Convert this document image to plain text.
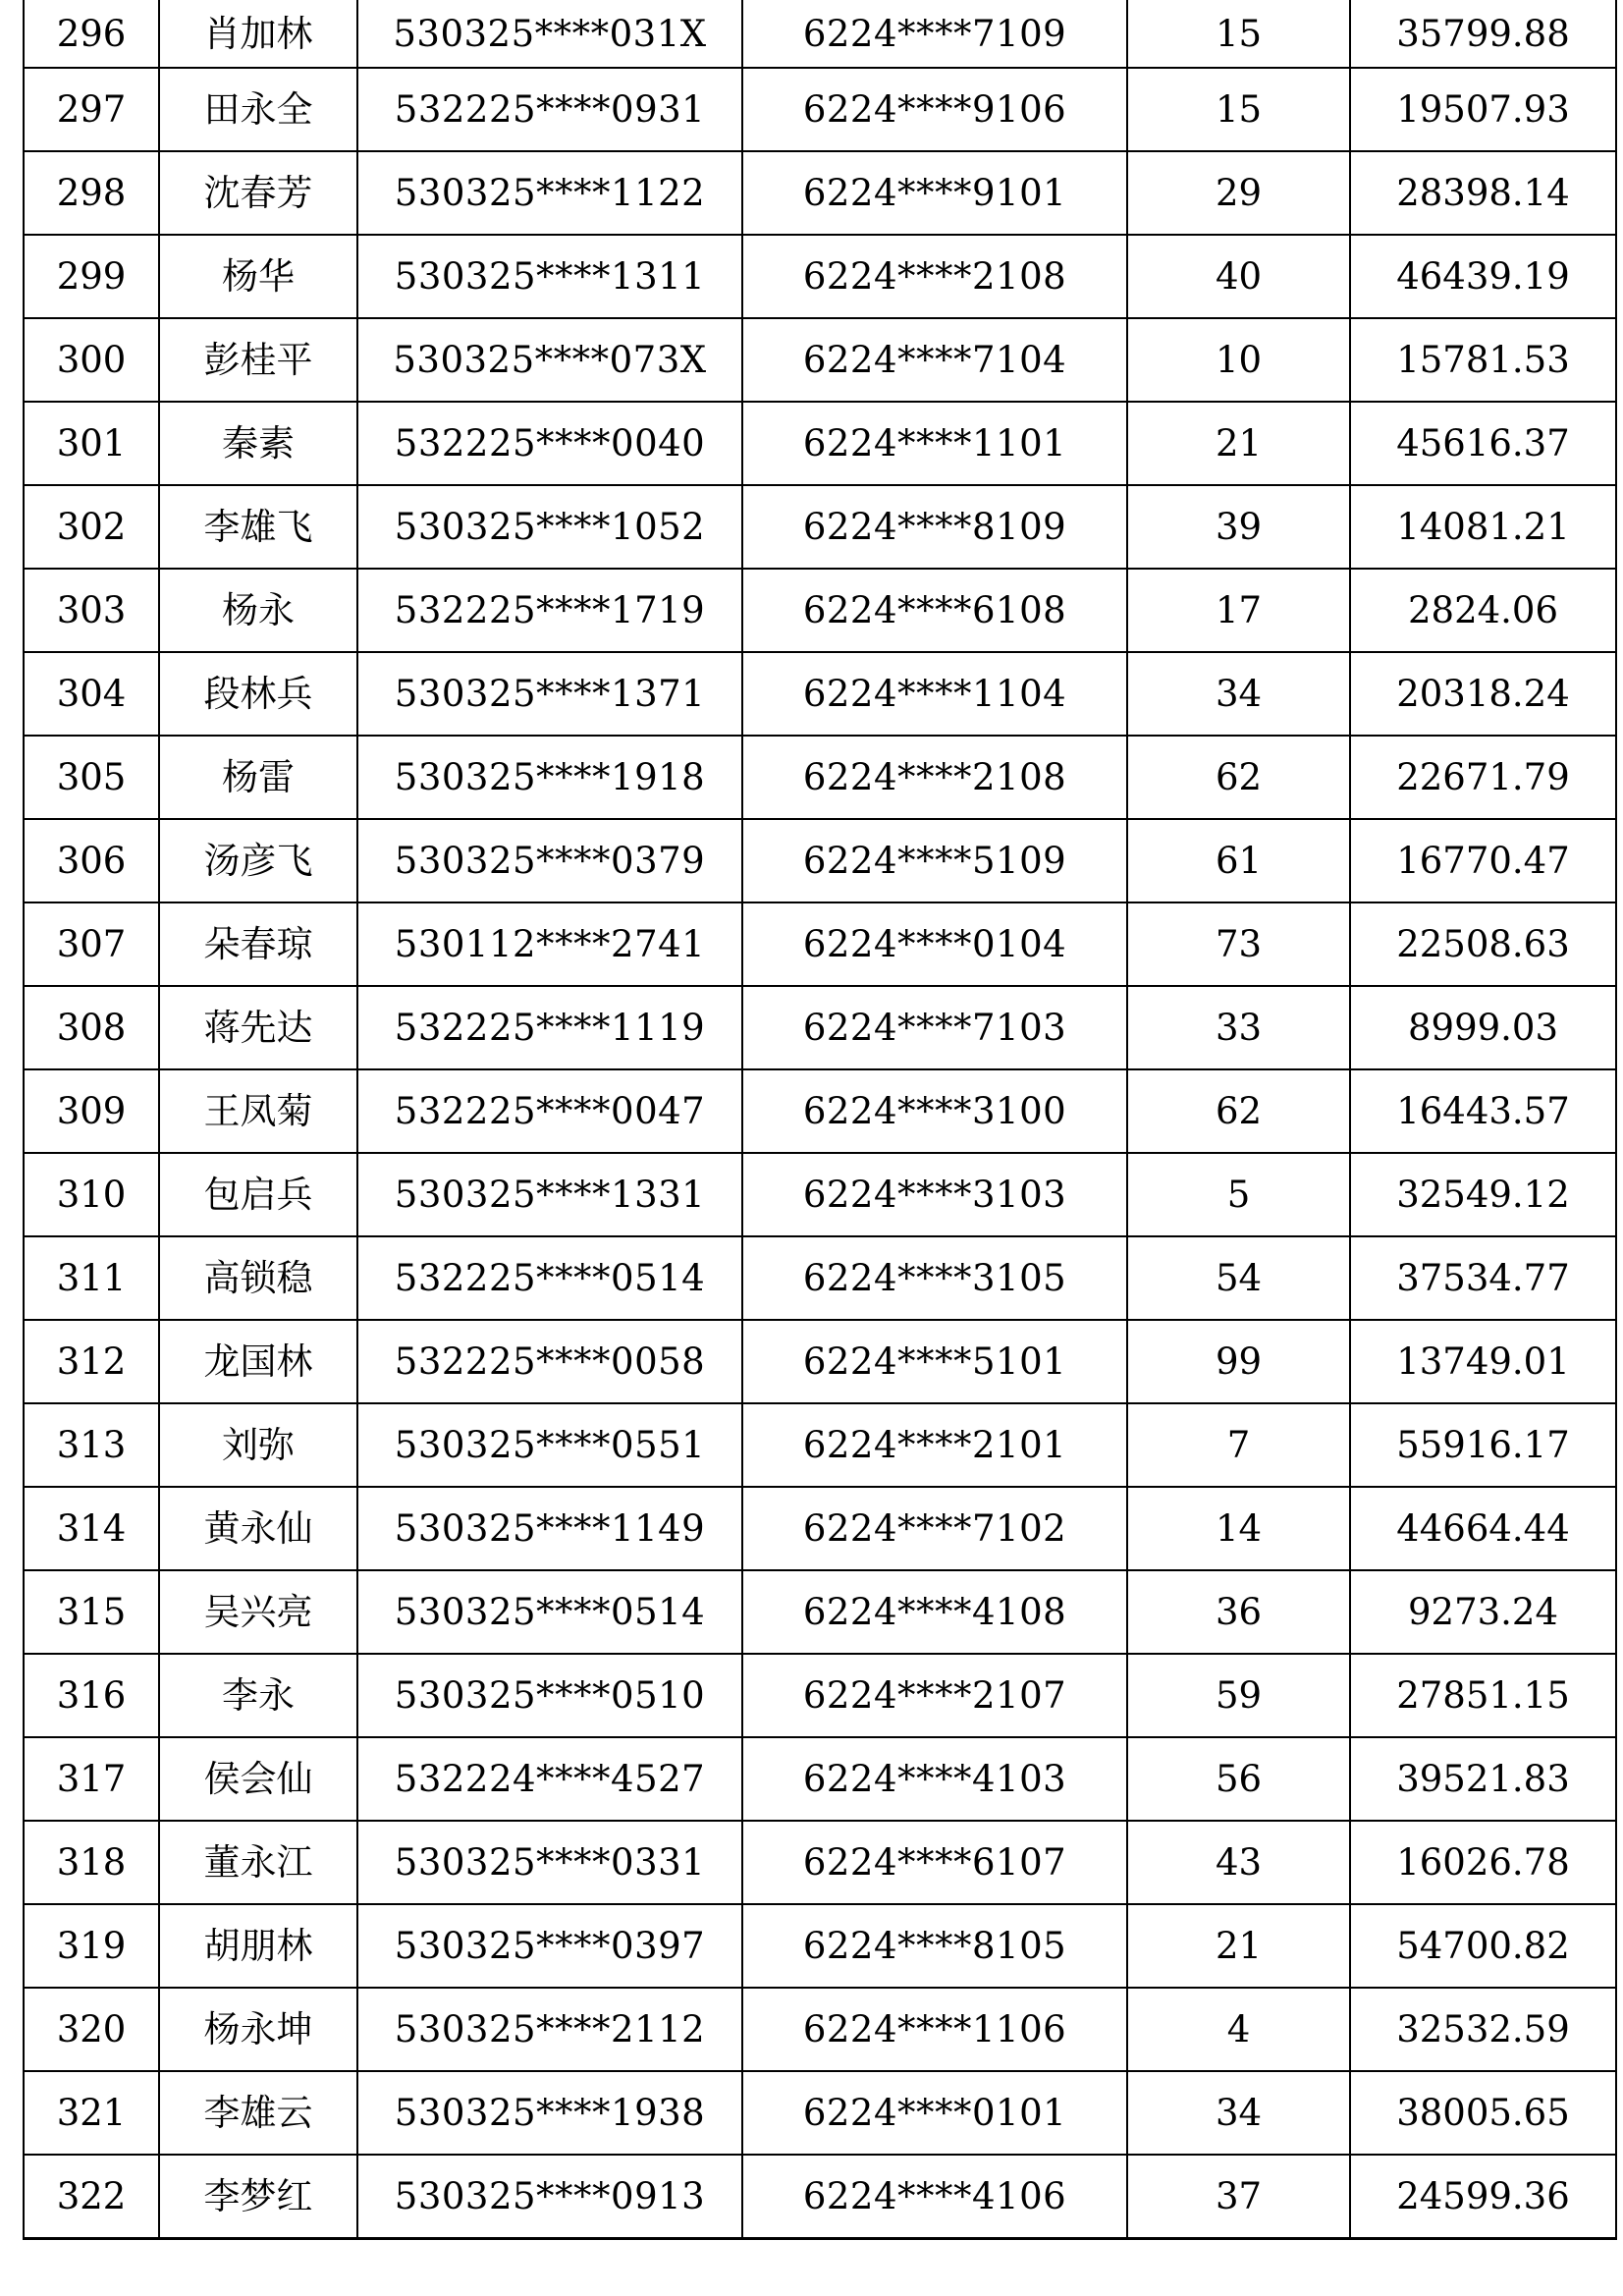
296	肖加林	530325****031X	6224****7109	15	35799.88
297	田永全	532225****0931	6224****9106	15	19507.93
298	沈春芳	530325****1122	6224****9101	29	28398.14
299	杨华	530325****1311	6224****2108	40	46439.19
300	彭桂平	530325****073X	6224****7104	10	15781.53
301	秦素	532225****0040	6224****1101	21	45616.37
302	李雄飞	530325****1052	6224****8109	39	14081.21
303	杨永	532225****1719	6224****6108	17	2824.06
304	段林兵	530325****1371	6224****1104	34	20318.24
305	杨雷	530325****1918	6224****2108	62	22671.79
306	汤彦飞	530325****0379	6224****5109	61	16770.47
307	朵春琼	530112****2741	6224****0104	73	22508.63
308	蒋先达	532225****1119	6224****7103	33	8999.03
309	王凤菊	532225****0047	6224****3100	62	16443.57
310	包启兵	530325****1331	6224****3103	5	32549.12
311	高锁稳	532225****0514	6224****3105	54	37534.77
312	龙国林	532225****0058	6224****5101	99	13749.01
313	刘弥	530325****0551	6224****2101	7	55916.17
314	黄永仙	530325****1149	6224****7102	14	44664.44
315	吴兴亮	530325****0514	6224****4108	36	9273.24
316	李永	530325****0510	6224****2107	59	27851.15
317	侯会仙	532224****4527	6224****4103	56	39521.83
318	董永江	530325****0331	6224****6107	43	16026.78
319	胡朋林	530325****0397	6224****8105	21	54700.82
320	杨永坤	530325****2112	6224****1106	4	32532.59
321	李雄云	530325****1938	6224****0101	34	38005.65
322	李梦红	530325****0913	6224****4106	37	24599.36
